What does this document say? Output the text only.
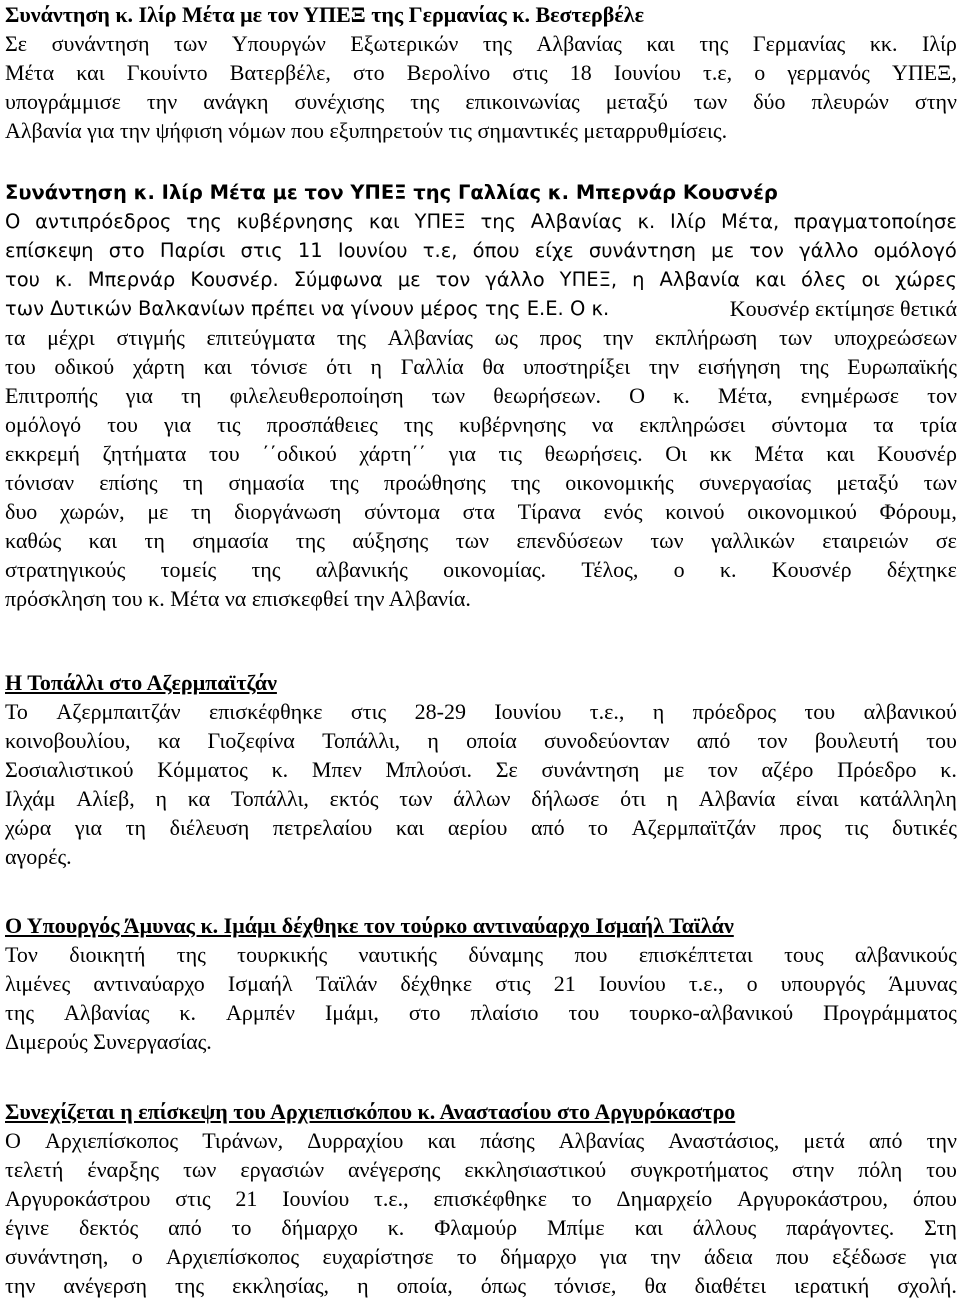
Συνάντηση κ. Ιλίρ Μέτα με τον ΥΠΕΞ της Γερμανίας κ. Βεστερβέλε
Σε συνάντηση των Υπουργών Εξωτερικών της Αλβανίας και της Γερμανίας κκ. Ιλίρ
Μέτα και Γκουίντο Βατερβέλε, στο Βερολίνο στις 18 Ιουνίου τ.ε, ο γερμανός ΥΠΕΞ,
υπογράμμισε την ανάγκη συνέχισης της επικοινωνίας μεταξύ των δύο πλευρών στην
Αλβανία για την ψήφιση νόμων που εξυπηρετούν τις σημαντικές μεταρρυθμίσεις.
Συνάντηση κ. Ιλίρ Μέτα με τον ΥΠΕΞ της Γαλλίας κ. Μπερνάρ Κουσνέρ
Ο αντιπρόεδρος της κυβέρνησης και ΥΠΕΞ της Αλβανίας κ. Ιλίρ Μέτα, πραγματοποίησε
επίσκεψη στο Παρίσι στις 11 Ιουνίου τ.ε, όπου είχε συνάντηση με τον γάλλο ομόλογό
του κ. Μπερνάρ Κουσνέρ. Σύμφωνα με τον γάλλο ΥΠΕΞ, η Αλβανία και όλες οι χώρες
των Δυτικών Βαλκανίων πρέπει να γίνουν μέρος της Ε.Ε. Ο κ.	Κουσνέρ εκτίμησε θετικά
τα μέχρι στιγμής επιτεύγματα της Αλβανίας ως προς την εκπλήρωση των υποχρεώσεων
του οδικού χάρτη και τόνισε ότι η Γαλλία θα υποστηρίξει την εισήγηση της Ευρωπαϊκής
Επιτροπής για τη φιλελευθεροποίηση των θεωρήσεων. Ο κ. Μέτα, ενημέρωσε τον
ομόλογό του για τις προσπάθειες της κυβέρνησης να εκπληρώσει σύντομα τα τρία
εκκρεμή ζητήματα του ΄΄οδικού χάρτη΄΄ για τις θεωρήσεις. Οι κκ Μέτα και Κουσνέρ
τόνισαν επίσης τη σημασία της προώθησης της οικονομικής συνεργασίας μεταξύ των
δυο χωρών, με τη διοργάνωση σύντομα στα Τίρανα ενός κοινού οικονομικού Φόρουμ,
καθώς και τη σημασία της αύξησης των επενδύσεων των γαλλικών εταιρειών σε
στρατηγικούς τομείς της αλβανικής οικονομίας. Τέλος, ο κ. Κουσνέρ δέχτηκε
πρόσκληση του κ. Μέτα να επισκεφθεί την Αλβανία.
Η Τοπάλλι στο Αζερμπαϊτζάν
Το Αζερμπαιτζάν επισκέφθηκε στις 28-29 Ιουνίου τ.ε., η πρόεδρος του αλβανικού
κοινοβουλίου, κα Γιοζεφίνα Τοπάλλι, η οποία συνοδεύονταν από τον βουλευτή του
Σοσιαλιστικού Κόμματος κ. Μπεν Μπλούσι. Σε συνάντηση με τον αζέρο Πρόεδρο κ.
Ιλχάμ Αλίεβ, η κα Τοπάλλι, εκτός των άλλων δήλωσε ότι η Αλβανία είναι κατάλληλη
χώρα για τη διέλευση πετρελαίου και αερίου από το Αζερμπαϊτζάν προς τις δυτικές
αγορές.
Ο Υπουργός Άμυνας κ. Ιμάμι δέχθηκε τον τούρκο αντιναύαρχο Ισμαήλ Ταϊλάν
Τον διοικητή της τουρκικής ναυτικής δύναμης που επισκέπτεται τους αλβανικούς
λιμένες αντιναύαρχο Ισμαήλ Ταϊλάν δέχθηκε στις 21 Ιουνίου τ.ε., ο υπουργός Άμυνας
της Αλβανίας κ. Αρμπέν Ιμάμι, στο πλαίσιο του τουρκο-αλβανικού Προγράμματος
Διμερούς Συνεργασίας.
Συνεχίζεται η επίσκεψη του Αρχιεπισκόπου κ. Αναστασίου στο Αργυρόκαστρο
Ο Αρχιεπίσκοπος Τιράνων, Δυρραχίου και πάσης Αλβανίας Αναστάσιος, μετά από την
τελετή έναρξης των εργασιών ανέγερσης εκκλησιαστικού συγκροτήματος στην πόλη του
Αργυροκάστρου στις 21 Ιουνίου τ.ε., επισκέφθηκε το Δημαρχείο Αργυροκάστρου, όπου
έγινε δεκτός από το δήμαρχο κ. Φλαμούρ Μπίμε και άλλους παράγοντες. Στη
συνάντηση, ο Αρχιεπίσκοπος ευχαρίστησε το δήμαρχο για την άδεια που εξέδωσε για
την ανέγερση της εκκλησίας, η οποία, όπως τόνισε, θα διαθέτει ιερατική σχολή.
